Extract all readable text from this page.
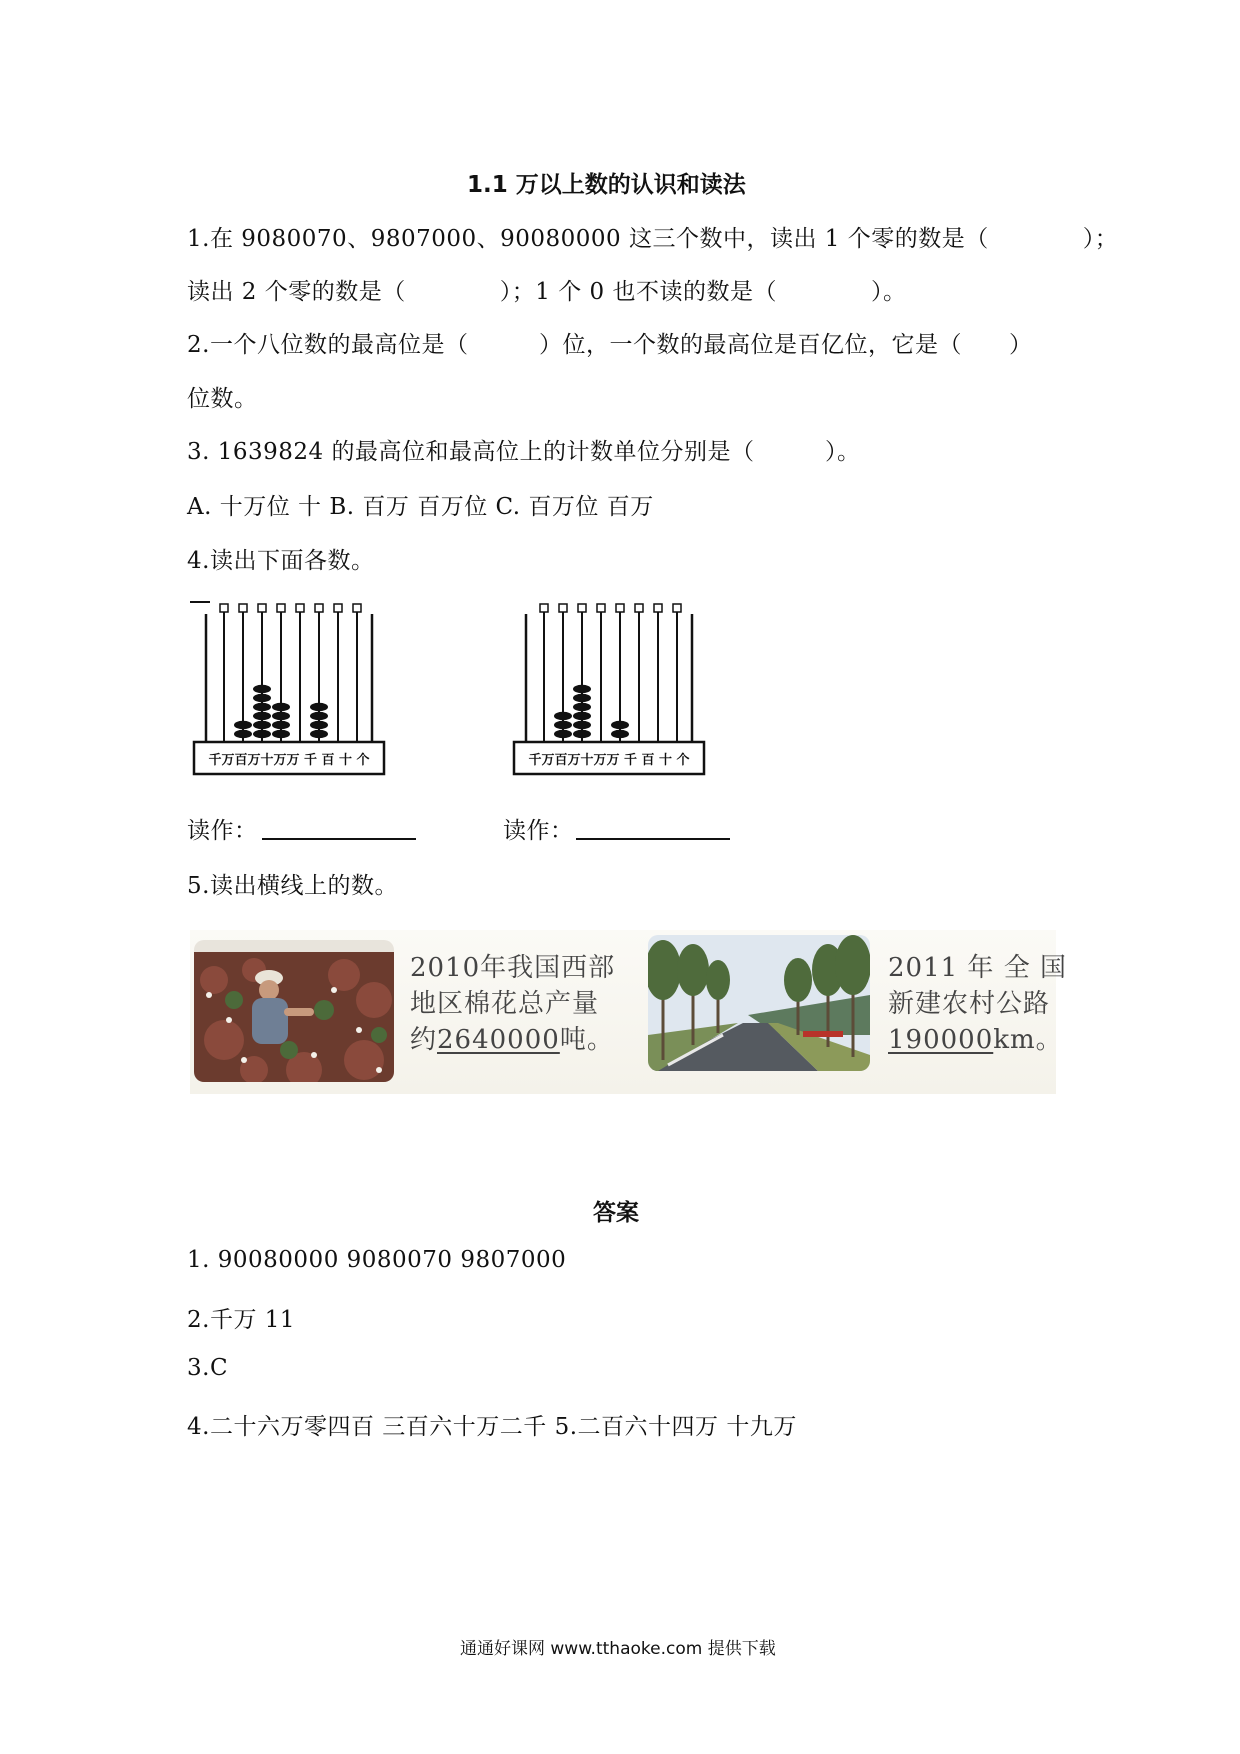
1.1 万以上数的认识和读法
1.在 9080070、9807000、90080000 这三个数中，读出 1 个零的数是（　　　　）；
读出 2 个零的数是（　　　　）；1 个 0 也不读的数是（　　　　）。
2.一个八位数的最高位是（　　　）位，一个数的最高位是百亿位，它是（　　）
位数。
3. 1639824 的最高位和最高位上的计数单位分别是（　　　）。
A. 十万位 十 B. 百万 百万位 C. 百万位 百万
4.读出下面各数。
千万百万十万万 千 百 十 个	千万百万十万万 千 百 十 个
读作：	读作：
5.读出横线上的数。
2010年我国西部
地区棉花总产量
约2640000吨。
2011 年 全 国
新建农村公路
190000km。
答案
1. 90080000 9080070 9807000
2.千万 11
3.C
4.二十六万零四百 三百六十万二千 5.二百六十四万 十九万
通通好课网 www.tthaoke.com 提供下载
